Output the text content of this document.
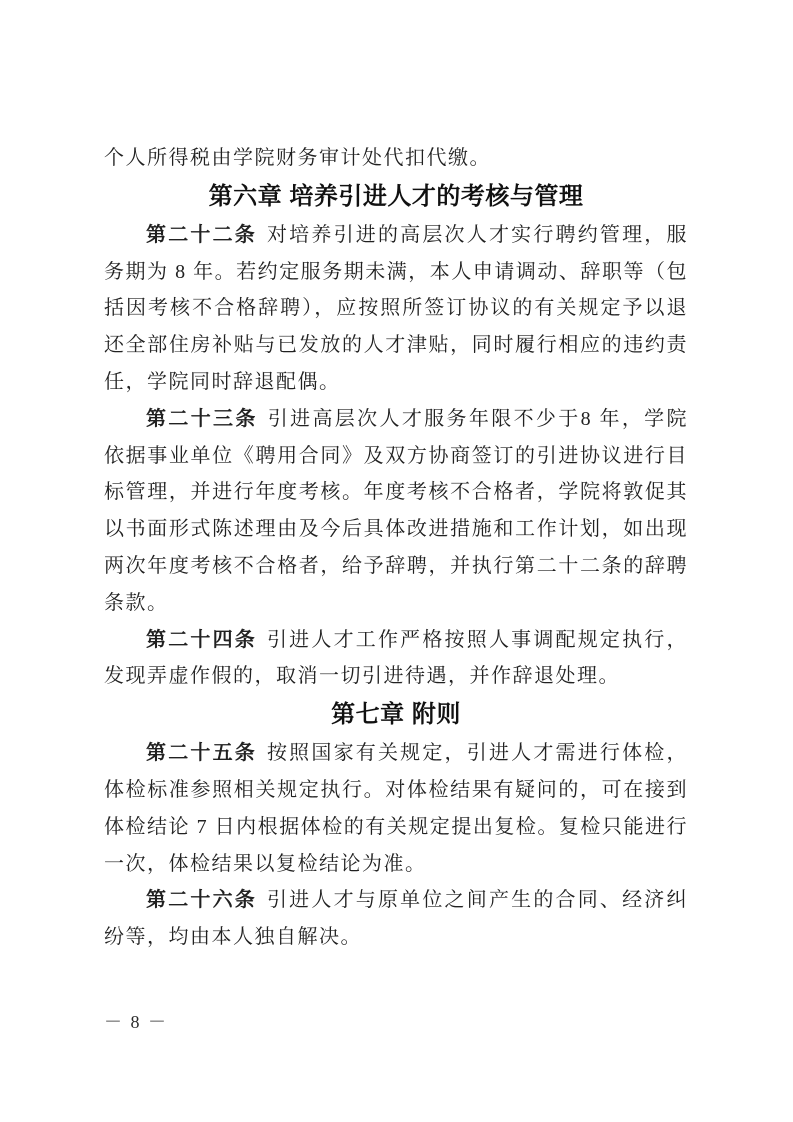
个人所得税由学院财务审计处代扣代缴。

第六章 培养引进人才的考核与管理

第二十二条 对培养引进的高层次人才实行聘约管理，服务期为 8 年。若约定服务期未满，本人申请调动、辞职等（包括因考核不合格辞聘），应按照所签订协议的有关规定予以退还全部住房补贴与已发放的人才津贴，同时履行相应的违约责任，学院同时辞退配偶。

第二十三条 引进高层次人才服务年限不少于8 年，学院依据事业单位《聘用合同》及双方协商签订的引进协议进行目标管理，并进行年度考核。年度考核不合格者，学院将敦促其以书面形式陈述理由及今后具体改进措施和工作计划，如出现两次年度考核不合格者，给予辞聘，并执行第二十二条的辞聘条款。

第二十四条 引进人才工作严格按照人事调配规定执行，发现弄虚作假的，取消一切引进待遇，并作辞退处理。

第七章 附则

第二十五条 按照国家有关规定，引进人才需进行体检，体检标准参照相关规定执行。对体检结果有疑问的，可在接到体检结论 7 日内根据体检的有关规定提出复检。复检只能进行一次，体检结果以复检结论为准。

第二十六条 引进人才与原单位之间产生的合同、经济纠纷等，均由本人独自解决。

－ 8 －
